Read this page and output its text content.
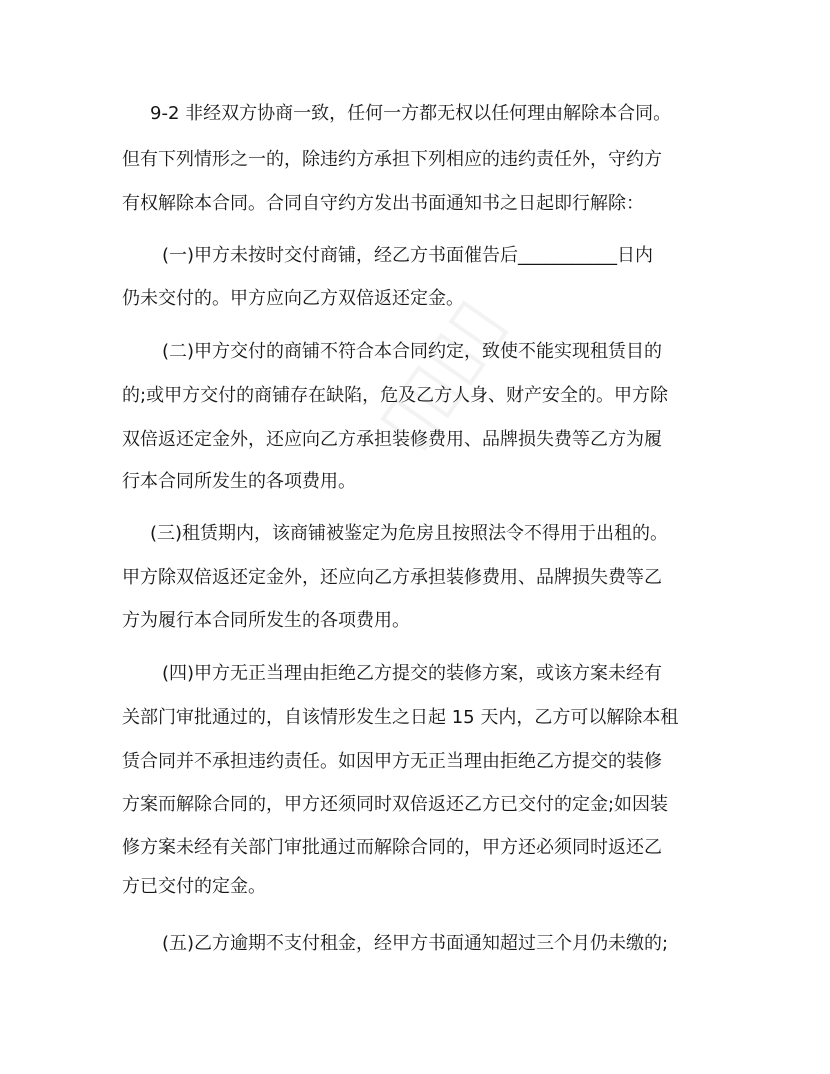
9-2 非经双方协商一致，任何一方都无权以任何理由解除本合同。

但有下列情形之一的，除违约方承担下列相应的违约责任外，守约方

有权解除本合同。合同自守约方发出书面通知书之日起即行解除：

(一)甲方未按时交付商铺，经乙方书面催告后___________日内

仍未交付的。甲方应向乙方双倍返还定金。

(二)甲方交付的商铺不符合本合同约定，致使不能实现租赁目的

的;或甲方交付的商铺存在缺陷，危及乙方人身、财产安全的。甲方除

双倍返还定金外，还应向乙方承担装修费用、品牌损失费等乙方为履

行本合同所发生的各项费用。

(三)租赁期内，该商铺被鉴定为危房且按照法令不得用于出租的。

甲方除双倍返还定金外，还应向乙方承担装修费用、品牌损失费等乙

方为履行本合同所发生的各项费用。

(四)甲方无正当理由拒绝乙方提交的装修方案，或该方案未经有

关部门审批通过的，自该情形发生之日起 15 天内，乙方可以解除本租

赁合同并不承担违约责任。如因甲方无正当理由拒绝乙方提交的装修

方案而解除合同的，甲方还须同时双倍返还乙方已交付的定金;如因装

修方案未经有关部门审批通过而解除合同的，甲方还必须同时返还乙

方已交付的定金。

(五)乙方逾期不支付租金，经甲方书面通知超过三个月仍未缴的;
